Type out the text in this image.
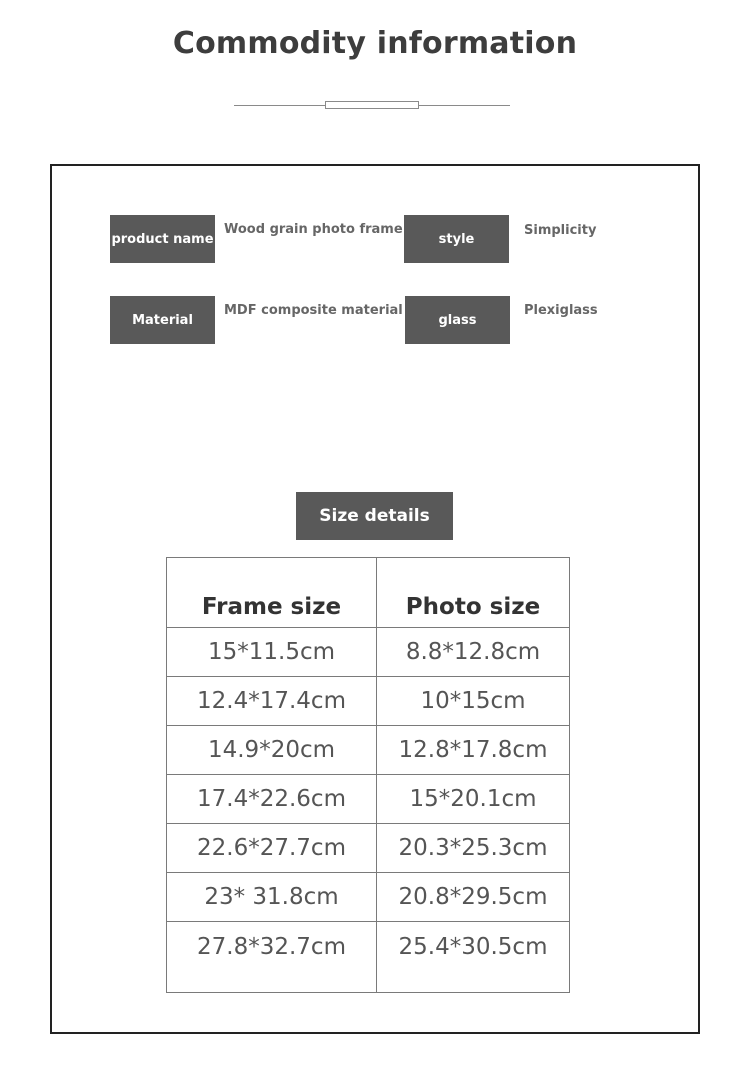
Commodity information
product name
Wood grain photo frame
style
Simplicity
Material
MDF composite material
glass
Plexiglass
Size details
Frame size	Photo size
15*11.5cm	8.8*12.8cm
12.4*17.4cm	10*15cm
14.9*20cm	12.8*17.8cm
17.4*22.6cm	15*20.1cm
22.6*27.7cm	20.3*25.3cm
23* 31.8cm	20.8*29.5cm
27.8*32.7cm	25.4*30.5cm
